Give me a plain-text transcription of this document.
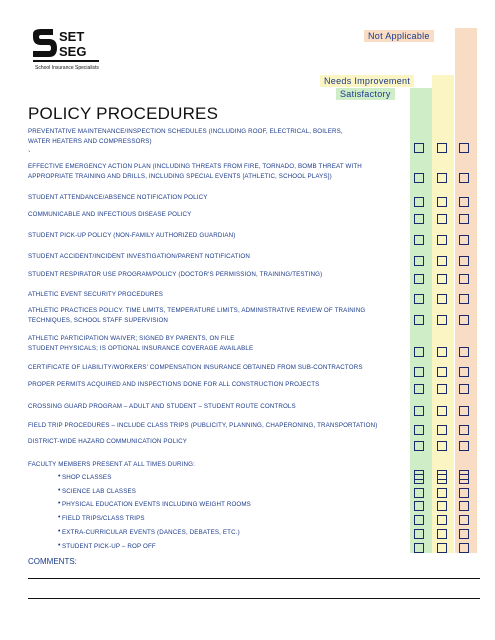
SET
SEG
School Insurance Specialists
Not Applicable
Needs Improvement
Satisfactory
POLICY PROCEDURES
PREVENTATIVE MAINTENANCE/INSPECTION SCHEDULES (INCLUDING ROOF, ELECTRICAL, BOILERS,
WATER HEATERS AND COMPRESSORS)
`
EFFECTIVE EMERGENCY ACTION PLAN (INCLUDING THREATS FROM FIRE, TORNADO, BOMB THREAT WITH
APPROPRIATE TRAINING AND DRILLS, INCLUDING SPECIAL EVENTS [ATHLETIC, SCHOOL PLAYS])
STUDENT ATTENDANCE/ABSENCE NOTIFICATION POLICY
COMMUNICABLE AND INFECTIOUS DISEASE POLICY
STUDENT PICK-UP POLICY (NON-FAMILY AUTHORIZED GUARDIAN)
STUDENT ACCIDENT/INCIDENT INVESTIGATION/PARENT NOTIFICATION
STUDENT RESPIRATOR USE PROGRAM/POLICY (DOCTOR'S PERMISSION, TRAINING/TESTING)
ATHLETIC EVENT SECURITY PROCEDURES
ATHLETIC PRACTICES POLICY. TIME LIMITS, TEMPERATURE LIMITS, ADMINISTRATIVE REVIEW OF TRAINING
TECHNIQUES, SCHOOL STAFF SUPERVISION
ATHLETIC PARTICIPATION WAIVER; SIGNED BY PARENTS, ON FILE
STUDENT PHYSICALS; IS OPTIONAL INSURANCE COVERAGE AVAILABLE
CERTIFICATE OF LIABILITY/WORKERS' COMPENSATION INSURANCE OBTAINED FROM SUB-CONTRACTORS
PROPER PERMITS ACQUIRED AND INSPECTIONS DONE FOR ALL CONSTRUCTION PROJECTS
CROSSING GUARD PROGRAM – ADULT AND STUDENT – STUDENT ROUTE CONTROLS
FIELD TRIP PROCEDURES – INCLUDE CLASS TRIPS (PUBLICITY, PLANNING, CHAPERONING, TRANSPORTATION)
DISTRICT-WIDE HAZARD COMMUNICATION POLICY
FACULTY MEMBERS PRESENT AT ALL TIMES DURING:
• SHOP CLASSES
• SCIENCE LAB CLASSES
• PHYSICAL EDUCATION EVENTS INCLUDING WEIGHT ROOMS
• FIELD TRIPS/CLASS TRIPS
• EXTRA-CURRICULAR EVENTS (DANCES, DEBATES, ETC.)
• STUDENT PICK-UP – ROP OFF
COMMENTS:
